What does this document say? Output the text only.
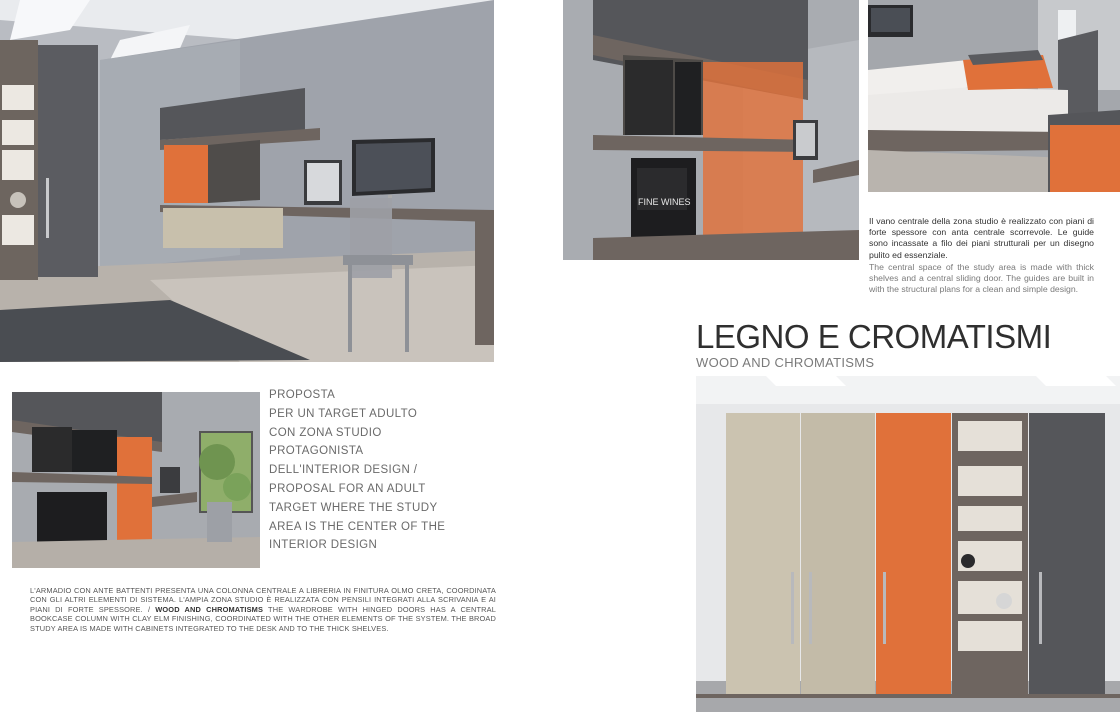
FINE WINES
PROPOSTA
PER UN TARGET ADULTO
CON ZONA STUDIO
PROTAGONISTA
DELL'INTERIOR DESIGN /
PROPOSAL FOR AN ADULT
TARGET WHERE THE STUDY
AREA IS THE CENTER OF THE
INTERIOR DESIGN
L'ARMADIO CON ANTE BATTENTI PRESENTA UNA COLONNA CENTRALE A LIBRERIA IN FINITURA OLMO CRETA, COORDINATA CON GLI ALTRI ELEMENTI DI SISTEMA. L'AMPIA ZONA STUDIO È REALIZZATA CON PENSILI INTEGRATI ALLA SCRIVANIA E AI PIANI DI FORTE SPESSORE. / WOOD AND CHROMATISMS THE WARDROBE WITH HINGED DOORS HAS A CENTRAL BOOKCASE COLUMN WITH CLAY ELM FINISHING, COORDINATED WITH THE OTHER ELEMENTS OF THE SYSTEM. THE BROAD STUDY AREA IS MADE WITH CABINETS INTEGRATED TO THE DESK AND TO THE THICK SHELVES.
Il vano centrale della zona studio è realizzato con piani di forte spessore con anta centrale scorrevole. Le guide sono incassate a filo dei piani strutturali per un disegno pulito ed essenziale.
The central space of the study area is made with thick shelves and a central sliding door. The guides are built in with the structural plans for a clean and simple design.
LEGNO E CROMATISMI
WOOD AND CHROMATISMS
